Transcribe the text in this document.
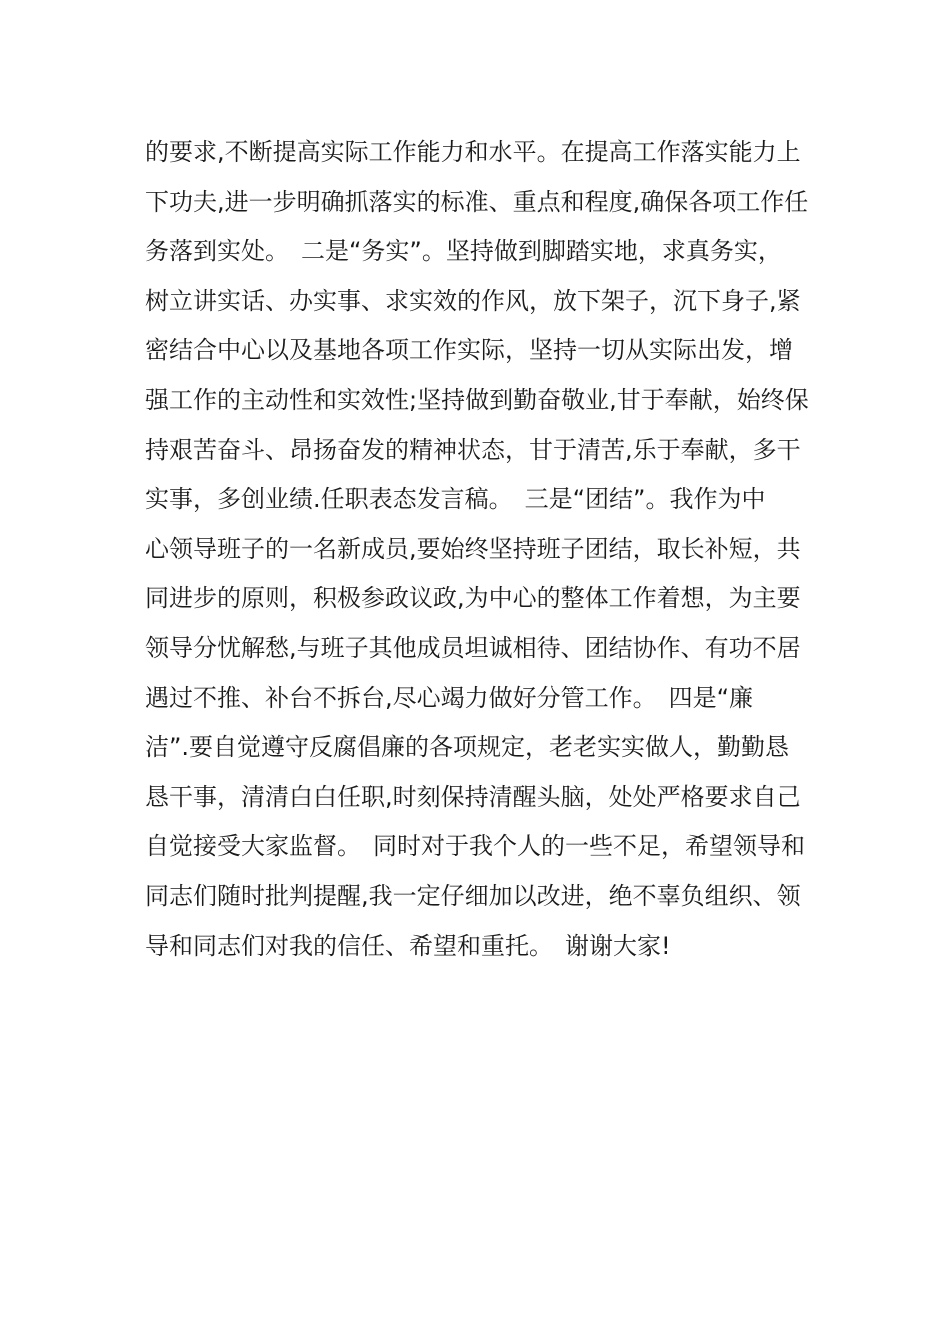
的要求,不断提高实际工作能力和水平。在提高工作落实能力上
下功夫,进一步明确抓落实的标准、重点和程度,确保各项工作任
务落到实处。　二是“务实”。坚持做到脚踏实地，求真务实，
树立讲实话、办实事、求实效的作风，放下架子，沉下身子,紧
密结合中心以及基地各项工作实际，坚持一切从实际出发，增
强工作的主动性和实效性;坚持做到勤奋敬业,甘于奉献，始终保
持艰苦奋斗、昂扬奋发的精神状态，甘于清苦,乐于奉献，多干
实事，多创业绩.任职表态发言稿。　三是“团结”。我作为中
心领导班子的一名新成员,要始终坚持班子团结，取长补短，共
同进步的原则，积极参政议政,为中心的整体工作着想，为主要
领导分忧解愁,与班子其他成员坦诚相待、团结协作、有功不居
遇过不推、补台不拆台,尽心竭力做好分管工作。　四是“廉
洁”.要自觉遵守反腐倡廉的各项规定，老老实实做人，勤勤恳
恳干事，清清白白任职,时刻保持清醒头脑，处处严格要求自己
自觉接受大家监督。　同时对于我个人的一些不足，希望领导和
同志们随时批判提醒,我一定仔细加以改进，绝不辜负组织、领
导和同志们对我的信任、希望和重托。　谢谢大家!
